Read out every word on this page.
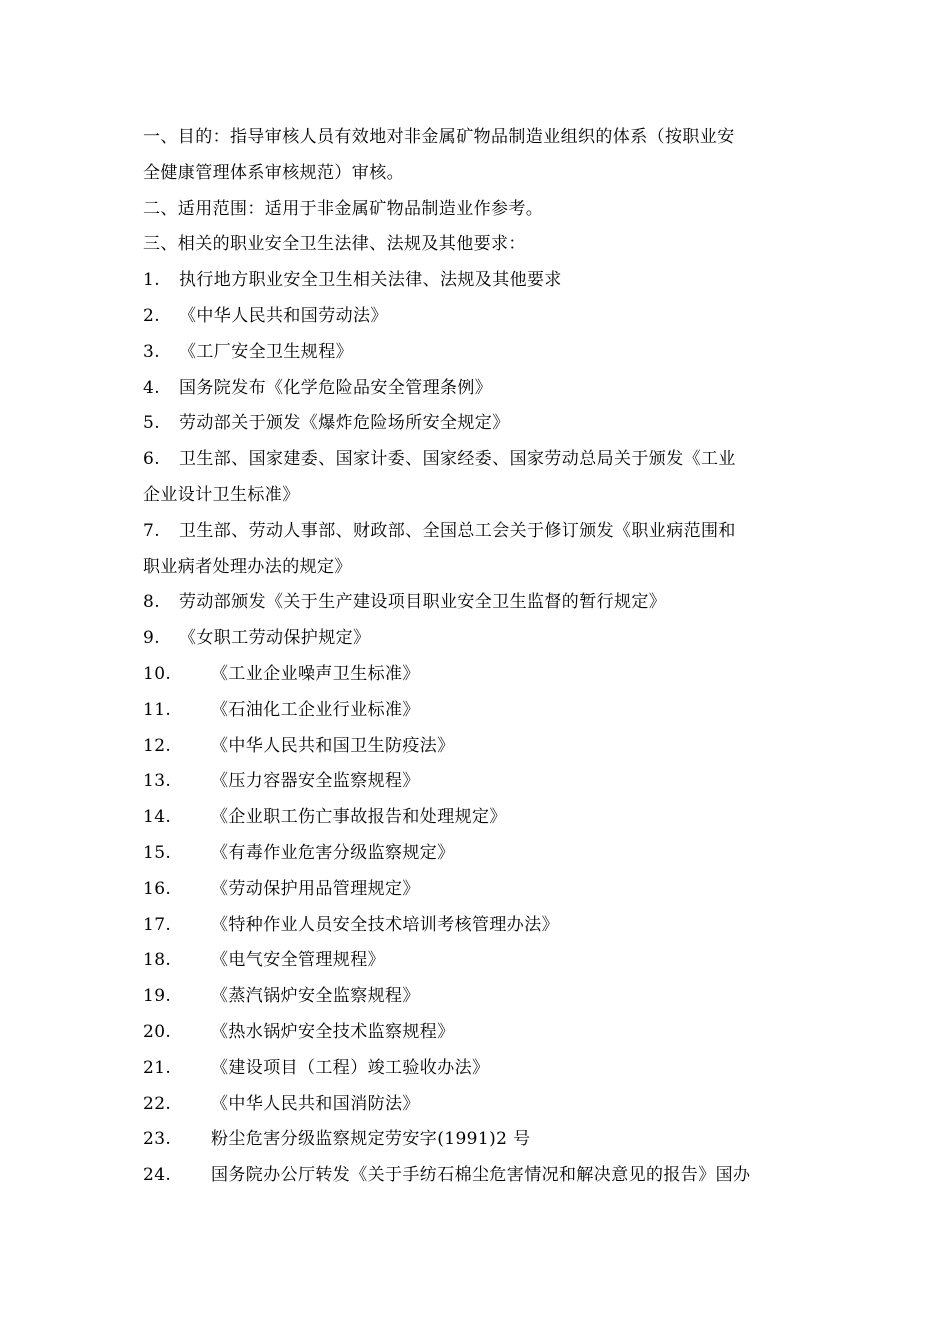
一、目的：指导审核人员有效地对非金属矿物品制造业组织的体系（按职业安
全健康管理体系审核规范）审核。
二、适用范围：适用于非金属矿物品制造业作参考。
三、相关的职业安全卫生法律、法规及其他要求：
1.	执行地方职业安全卫生相关法律、法规及其他要求
2.	《中华人民共和国劳动法》
3.	《工厂安全卫生规程》
4.	国务院发布《化学危险品安全管理条例》
5.	劳动部关于颁发《爆炸危险场所安全规定》
6.	卫生部、国家建委、国家计委、国家经委、国家劳动总局关于颁发《工业
企业设计卫生标准》
7.	卫生部、劳动人事部、财政部、全国总工会关于修订颁发《职业病范围和
职业病者处理办法的规定》
8.	劳动部颁发《关于生产建设项目职业安全卫生监督的暂行规定》
9.	《女职工劳动保护规定》
10.	《工业企业噪声卫生标准》
11.	《石油化工企业行业标准》
12.	《中华人民共和国卫生防疫法》
13.	《压力容器安全监察规程》
14.	《企业职工伤亡事故报告和处理规定》
15.	《有毒作业危害分级监察规定》
16.	《劳动保护用品管理规定》
17.	《特种作业人员安全技术培训考核管理办法》
18.	《电气安全管理规程》
19.	《蒸汽锅炉安全监察规程》
20.	《热水锅炉安全技术监察规程》
21.	《建设项目（工程）竣工验收办法》
22.	《中华人民共和国消防法》
23.	粉尘危害分级监察规定劳安字(1991)2 号
24.	国务院办公厅转发《关于手纺石棉尘危害情况和解决意见的报告》国办
